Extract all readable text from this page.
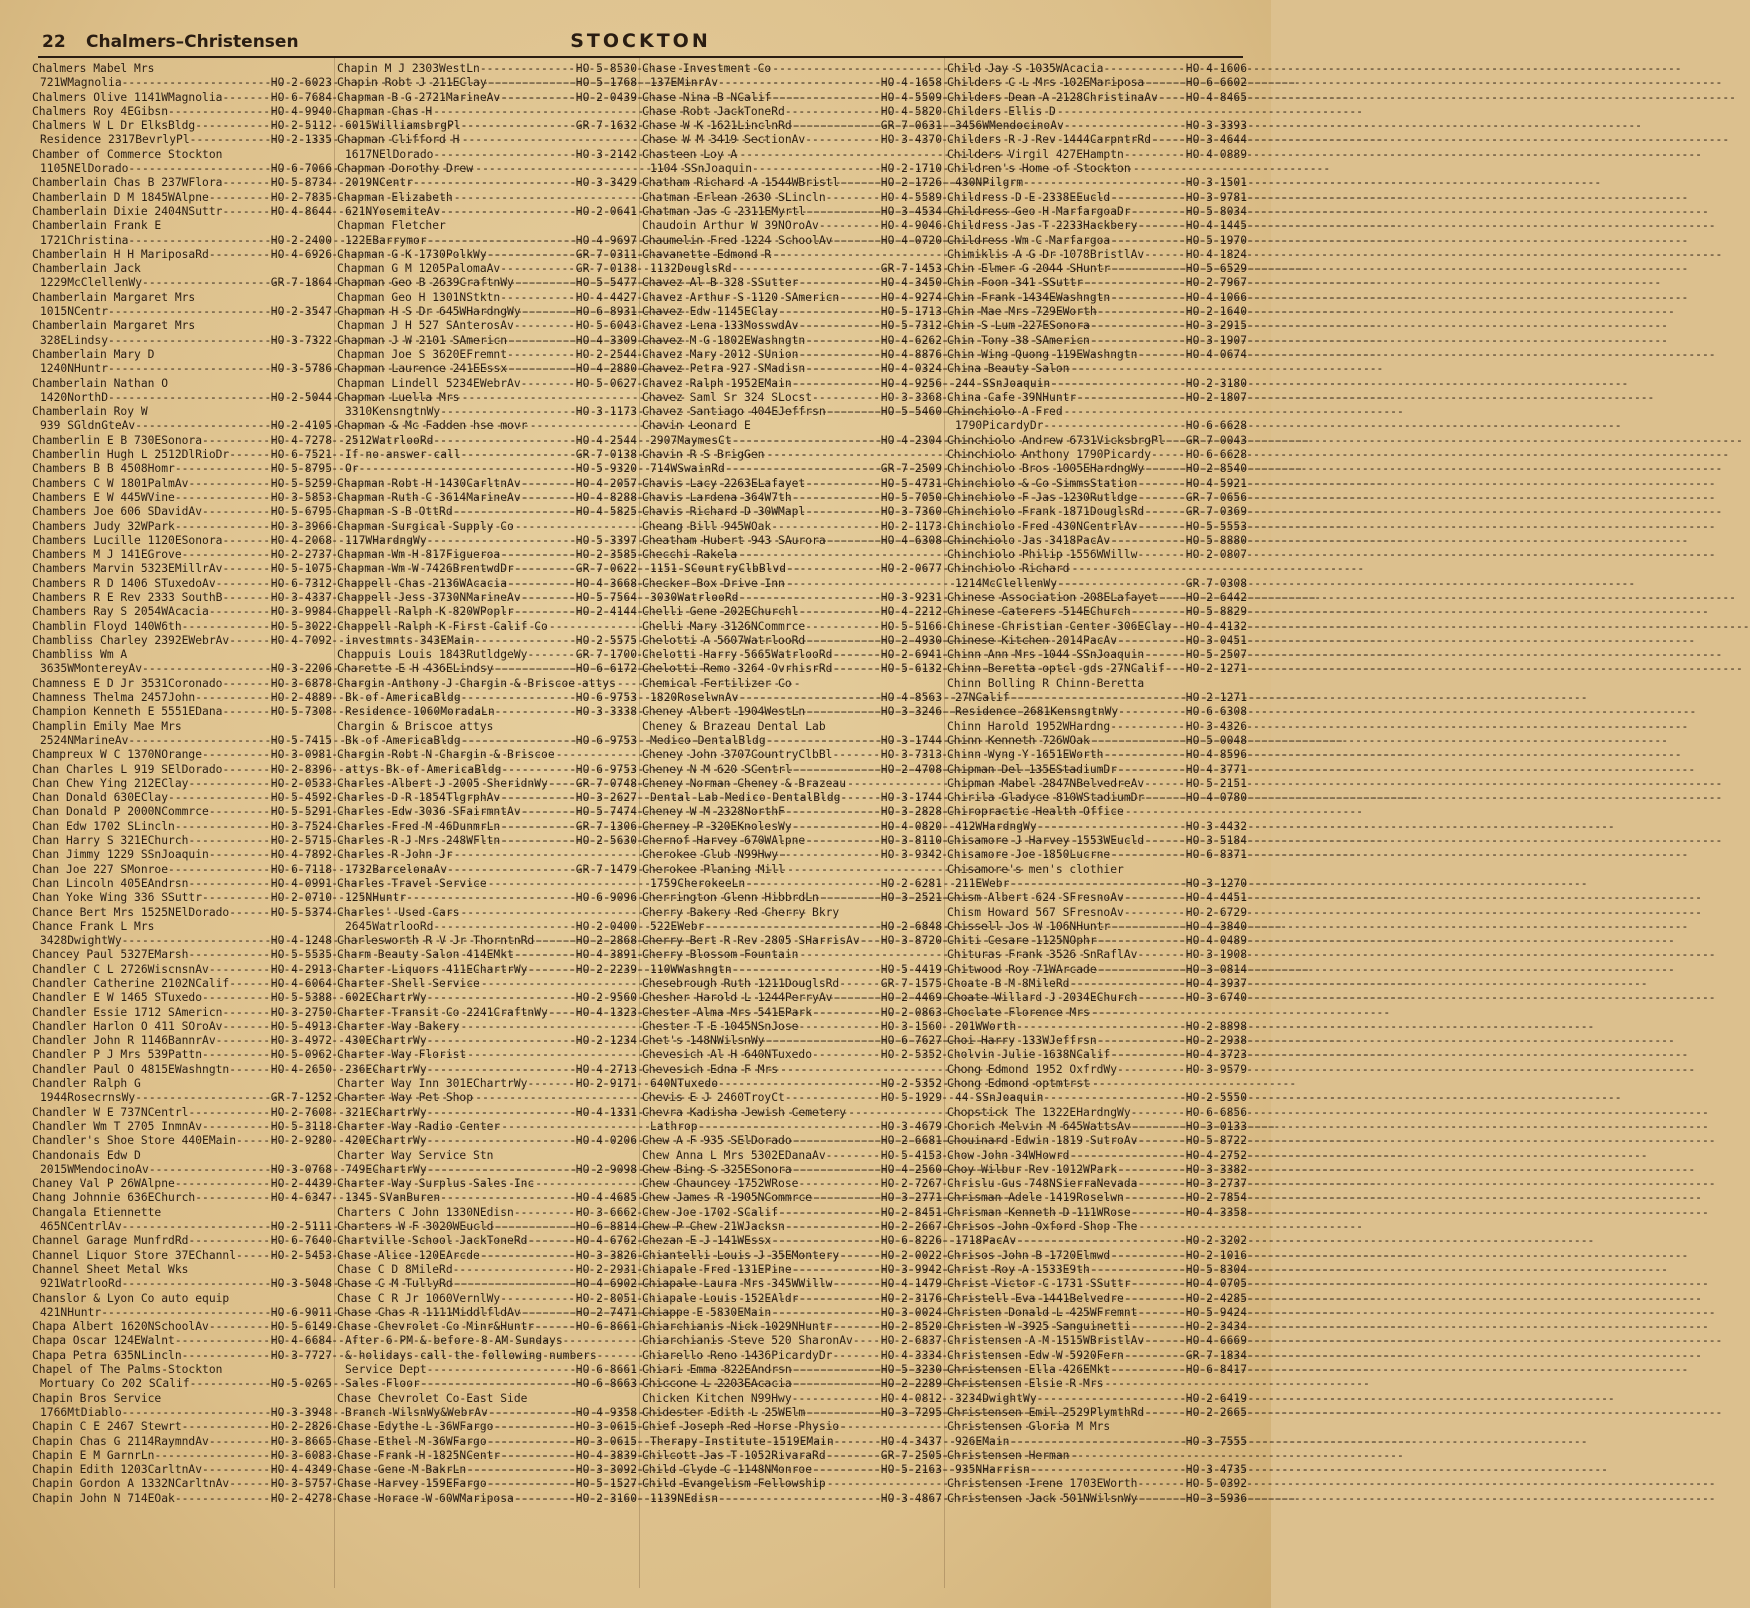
22 Chalmers–Christensen	STOCKTON
Chalmers Mabel Mrs
721WMagnolia -----	HO 2-6023
Chalmers Olive 1141WMagnolia -----	HO 6-7684
Chalmers Roy 4EGibsn -----	HO 4-9940
Chalmers W L Dr ElksBldg -----	HO 2-5112
Residence 2317BevrlyPl -----	HO 2-1335
Chamber of Commerce Stockton
1105NElDorado -----	HO 6-7066
Chamberlain Chas B 237WFlora -----	HO 5-8734
Chamberlain D M 1845WAlpne -----	HO 2-7835
Chamberlain Dixie 2404NSuttr -----	HO 4-8644
Chamberlain Frank E
1721Christina -----	HO 2-2400
Chamberlain H H MariposaRd -----	HO 4-6926
Chamberlain Jack
1229McClellenWy -----	GR 7-1864
Chamberlain Margaret Mrs
1015NCentr -----	HO 2-3547
Chamberlain Margaret Mrs
328ELindsy -----	HO 3-7322
Chamberlain Mary D
1240NHuntr -----	HO 3-5786
Chamberlain Nathan O
1420NorthD -----	HO 2-5044
Chamberlain Roy W
939 SGldnGteAv -----	HO 2-4105
Chamberlin E B 730ESonora -----	HO 4-7278
Chamberlin Hugh L 2512DlRioDr -----	HO 6-7521
Chambers B B 4508Homr -----	HO 5-8795
Chambers C W 1801PalmAv -----	HO 5-5259
Chambers E W 445WVine -----	HO 3-5853
Chambers Joe 606 SDavidAv -----	HO 5-6795
Chambers Judy 32WPark -----	HO 3-3966
Chambers Lucille 1120ESonora -----	HO 4-2068
Chambers M J 141EGrove -----	HO 2-2737
Chambers Marvin 5323EMillrAv -----	HO 5-1075
Chambers R D 1406 STuxedoAv -----	HO 6-7312
Chambers R E Rev 2333 SouthB -----	HO 3-4337
Chambers Ray S 2054WAcacia -----	HO 3-9984
Chamblin Floyd 140W6th -----	HO 5-3022
Chambliss Charley 2392EWebrAv -----	HO 4-7092
Chambliss Wm A
3635WMontereyAv -----	HO 3-2206
Chamness E D Jr 3531Coronado -----	HO 3-6878
Chamness Thelma 2457John -----	HO 2-4889
Champion Kenneth E 5551EDana -----	HO 5-7308
Champlin Emily Mae Mrs
2524NMarineAv -----	HO 5-7415
Champreux W C 1370NOrange -----	HO 3-0981
Chan Charles L 919 SElDorado -----	HO 2-8396
Chan Chew Ying 212EClay -----	HO 2-0533
Chan Donald 630EClay -----	HO 5-4592
Chan Donald P 2000NCommrce -----	HO 5-5291
Chan Edw 1702 SLincln -----	HO 3-7524
Chan Harry S 321EChurch -----	HO 2-5715
Chan Jimmy 1229 SSnJoaquin -----	HO 4-7892
Chan Joe 227 SMonroe -----	HO 6-7118
Chan Lincoln 405EAndrsn -----	HO 4-0991
Chan Yoke Wing 336 SSuttr -----	HO 2-0710
Chance Bert Mrs 1525NElDorado -----	HO 5-5374
Chance Frank L Mrs
3428DwightWy -----	HO 4-1248
Chancey Paul 5327EMarsh -----	HO 5-5535
Chandler C L 2726WiscnsnAv -----	HO 4-2913
Chandler Catherine 2102NCalif -----	HO 4-6064
Chandler E W 1465 STuxedo -----	HO 5-5388
Chandler Essie 1712 SAmericn -----	HO 3-2750
Chandler Harlon O 411 SOroAv -----	HO 5-4913
Chandler John R 1146BannrAv -----	HO 3-4972
Chandler P J Mrs 539Pattn -----	HO 5-0962
Chandler Paul O 4815EWashngtn -----	HO 4-2650
Chandler Ralph G
1944RosecrnsWy -----	GR 7-1252
Chandler W E 737NCentrl -----	HO 2-7608
Chandler Wm T 2705 InmnAv -----	HO 5-3118
Chandler's Shoe Store 440EMain -----	HO 2-9280
Chandonais Edw D
2015WMendocinoAv -----	HO 3-0768
Chaney Val P 26WAlpne -----	HO 2-4439
Chang Johnnie 636EChurch -----	HO 4-6347
Changala Etiennette
465NCentrlAv -----	HO 2-5111
Channel Garage MunfrdRd -----	HO 6-7640
Channel Liquor Store 37EChannl -----	HO 2-5453
Channel Sheet Metal Wks
921WatrlooRd -----	HO 3-5048
Chanslor & Lyon Co auto equip
421NHuntr -----	HO 6-9011
Chapa Albert 1620NSchoolAv -----	HO 5-6149
Chapa Oscar 124EWalnt -----	HO 4-6684
Chapa Petra 635NLincln -----	HO 3-7727
Chapel of The Palms-Stockton
Mortuary Co 202 SCalif -----	HO 5-0265
Chapin Bros Service
1766MtDiablo -----	HO 3-3948
Chapin C E 2467 Stewrt -----	HO 2-2826
Chapin Chas G 2114RaymndAv -----	HO 3-8665
Chapin E M GarnrLn -----	HO 3-6083
Chapin Edith 1203CarltnAv -----	HO 4-4349
Chapin Gordon A 1332NCarltnAv -----	HO 3-5757
Chapin John N 714EOak -----	HO 2-4278
Chapin M J 2303WestLn -----	HO 5-8530
Chapin Robt J 211EClay -----	HO 5-1768
Chapman B G 2721MarineAv -----	HO 2-0439
Chapman Chas H
6015WilliamsbrgPl -----	GR 7-1632
Chapman Clifford H
1617NElDorado -----	HO 3-2142
Chapman Dorothy Drew
2019NCentr -----	HO 3-3429
Chapman Elizabeth
621NYosemiteAv -----	HO 2-0641
Chapman Fletcher
122EBarrymor -----	HO 4-9697
Chapman G K 1730PolkWy -----	GR 7-0311
Chapman G M 1205PalomaAv -----	GR 7-0138
Chapman Geo B 2639CraftnWy -----	HO 5-5477
Chapman Geo H 1301NStktn -----	HO 4-4427
Chapman H S Dr 645WHardngWy -----	HO 6-8931
Chapman J H 527 SAnterosAv -----	HO 5-6043
Chapman J W 2101 SAmericn -----	HO 4-3309
Chapman Joe S 3620EFremnt -----	HO 2-2544
Chapman Laurence 241EEssx -----	HO 4-2880
Chapman Lindell 5234EWebrAv -----	HO 5-0627
Chapman Luella Mrs
3310KensngtnWy -----	HO 3-1173
Chapman & Mc Fadden hse movr
2512WatrlooRd -----	HO 4-2544
If no answer call -----	GR 7-0138
Or -----	HO 5-9320
Chapman Robt H 1430CarltnAv -----	HO 4-2057
Chapman Ruth C 3614MarineAv -----	HO 4-8288
Chapman S B OttRd -----	HO 4-5825
Chapman Surgical Supply Co
117WHardngWy -----	HO 5-3397
Chapman Wm H 817Figueroa -----	HO 2-3585
Chapman Wm W 7426BrentwdDr -----	GR 7-0622
Chappell Chas 2136WAcacia -----	HO 4-3668
Chappell Jess 3730NMarineAv -----	HO 5-7564
Chappell Ralph K 820WPoplr -----	HO 2-4144
Chappell Ralph K First Calif Co
investmnts 343EMain -----	HO 2-5575
Chappuis Louis 1843RutldgeWy -----	GR 7-1700
Charette E H 436ELindsy -----	HO 6-6172
Chargin Anthony J Chargin & Briscoe attys
Bk of AmericaBldg -----	HO 6-9753
Residence 1060MoradaLn -----	HO 3-3338
Chargin & Briscoe attys
Bk of AmericaBldg -----	HO 6-9753
Chargin Robt N Chargin & Briscoe
attys Bk of AmericaBldg -----	HO 6-9753
Charles Albert J 2005 SheridnWy ----- GR 7-0748
Charles D R 1854TlgrphAv -----	HO 3-2627
Charles Edw 3036 SFairmntAv -----	HO 5-7474
Charles Fred M 46DunmrLn -----	GR 7-1306
Charles R J Mrs 248WFltn -----	HO 2-5630
Charles R John Jr
1732BarcelonaAv -----	GR 7-1479
Charles Travel Service
125NHuntr -----	HO 6-9096
Charles' Used Cars
2645WatrlooRd -----	HO 2-0400
Charlesworth R V Jr ThorntnRd -----	HO 2-2868
Charm Beauty Salon 414EMkt -----	HO 4-3891
Charter Liquors 411EChartrWy -----	HO 2-2239
Charter Shell Service
602EChartrWy -----	HO 2-9560
Charter Transit Co 2241CraftnWy ----- HO 4-1323
Charter Way Bakery
430EChartrWy -----	HO 2-1234
Charter Way Florist
236EChartrWy -----	HO 4-2713
Charter Way Inn 301EChartrWy -----	HO 2-9171
Charter Way Pet Shop
321EChartrWy -----	HO 4-1331
Charter Way Radio Center
420EChartrWy -----	HO 4-0206
Charter Way Service Stn
749EChartrWy -----	HO 2-9098
Charter Way Surplus Sales Inc
1345 SVanBuren -----	HO 4-4685
Charters C John 1330NEdisn -----	HO 3-6662
Charters W F 3020WEucld -----	HO 6-8814
Chartville School JackToneRd -----	HO 4-6762
Chase Alice 120EArcde -----	HO 3-3826
Chase C D 8MileRd -----	HO 2-2931
Chase C M TullyRd -----	HO 4-6902
Chase C R Jr 1060VernlWy -----	HO 2-8051
Chase Chas R 1111MiddlfldAv -----	HO 2-7471
Chase Chevrolet Co Minr&Huntr -----	HO 6-8661
After 6 PM & before 8 AM Sundays
& holidays call the following numbers
Service Dept -----	HO 6-8661
Sales Floor -----	HO 6-8663
Chase Chevrolet Co-East Side
Branch WilsnWy&WebrAv -----	HO 4-9358
Chase Edythe L 36WFargo -----	HO 3-0615
Chase Ethel M 36WFargo -----	HO 3-0615
Chase Frank H 1825NCentr -----	HO 4-3839
Chase Gene M BakrLn -----	HO 3-3092
Chase Harvey 159EFargo -----	HO 5-1527
Chase Horace W 60WMariposa -----	HO 2-3160
Chase Investment Co
137EMinrAv -----	HO 4-1658
Chase Nina B NCalif -----	HO 4-5509
Chase Robt JackToneRd -----	HO 4-5820
Chase W K 1621LinclnRd -----	GR 7-0631
Chase W M 3419 SectionAv -----	HO 3-4370
Chasteen Loy A
1104 SSnJoaquin -----	HO 2-1710
Chatham Richard A 1544WBristl -----	HO 2-1726
Chatman Erlean 2630 SLincln -----	HO 4-5589
Chatman Jas C 2311EMyrtl -----	HO 3-4534
Chaudoin Arthur W 39NOroAv -----	HO 4-9046
Chaumelin Fred 1224 SchoolAv -----	HO 4-0720
Chavanette Edmond R
1132DouglsRd -----	GR 7-1453
Chavez Al B 328 SSutter -----	HO 4-3450
Chavez Arthur S 1120 SAmericn -----	HO 4-9274
Chavez Edw 1145EClay -----	HO 5-1713
Chavez Lena 133MosswdAv -----	HO 5-7312
Chavez M G 1802EWashngtn -----	HO 4-6262
Chavez Mary 2012 SUnion -----	HO 4-8876
Chavez Petra 927 SMadisn -----	HO 4-0324
Chavez Ralph 1952EMain -----	HO 4-9256
Chavez Saml Sr 324 SLocst -----	HO 3-3368
Chavez Santiago 404EJeffrsn -----	HO 5-5460
Chavin Leonard E
2907MaymesCt -----	HO 4-2304
Chavin R S BrigGen
714WSwainRd -----	GR 7-2509
Chavis Lacy 2263ELafayet -----	HO 5-4731
Chavis Lardena 364W7th -----	HO 5-7050
Chavis Richard D 30WMapl -----	HO 3-7360
Cheang Bill 945WOak -----	HO 2-1173
Cheatham Hubert 943 SAurora -----	HO 4-6308
Checchi Rakela
1151 SCountryClbBlvd -----	HO 2-0677
Checker-Box Drive Inn
3030WatrlooRd -----	HO 3-9231
Chelli Gene 202EChurchl -----	HO 4-2212
Chelli Mary 3126NCommrce -----	HO 5-5166
Chelotti A 5607WatrlooRd -----	HO 2-4930
Chelotti Harry 5665WatrlooRd -----	HO 2-6941
Chelotti Remo 3264 OvrhisrRd -----	HO 5-6132
Chemical Fertilizer Co
1820RoselwnAv -----	HO 4-8563
Cheney Albert 1904WestLn -----	HO 3-3246
Cheney & Brazeau Dental Lab
Medico-DentalBldg -----	HO 3-1744
Cheney John 3707CountryClbBl -----	HO 3-7313
Cheney N M 620 SCentrl -----	HO 2-4708
Cheney Norman Cheney & Brazeau
Dental Lab Medico-DentalBldg -----	HO 3-1744
Cheney W M 2328NorthF -----	HO 3-2828
Cherney P 320EKnolesWy -----	HO 4-0820
Chernof Harvey 670WAlpne -----	HO 3-8110
Cherokee Club N99Hwy -----	HO 3-9342
Cherokee Planing Mill
1759CherokeeLn -----	HO 2-6281
Cherrington Glenn HibbrdLn -----	HO 3-2521
Cherry Bakery Red Cherry Bkry
522EWebr -----	HO 2-6848
Cherry Bert R Rev 2805 SHarrisAv ----- HO 3-8720
Cherry Blossom Fountain
110WWashngtn -----	HO 5-4419
Chesebrough Ruth 1211DouglsRd -----	GR 7-1575
Chesher Harold L 1244PerryAv -----	HO 2-4469
Chester Alma Mrs 541EPark -----	HO 2-0863
Chester T E 1045NSnJose -----	HO 3-1560
Chet's 148NWilsnWy -----	HO 6-7627
Chevesich Al H 640NTuxedo -----	HO 2-5352
Chevesich Edna F Mrs
640NTuxedo -----	HO 2-5352
Chevis E J 2460TroyCt -----	HO 5-1929
Chevra Kadisha Jewish Cemetery
Lathrop -----	HO 3-4679
Chew A F 935 SElDorado -----	HO 2-6681
Chew Anna L Mrs 5302EDanaAv -----	HO 5-4153
Chew Bing S 325ESonora -----	HO 4-2560
Chew Chauncey 1752WRose -----	HO 2-7267
Chew James R 1905NCommrce -----	HO 3-2771
Chew Joe 1702 SCalif -----	HO 2-8451
Chew P Chew 21WJacksn -----	HO 2-2667
Chezan E J 141WEssx -----	HO 6-8226
Chiantelli Louis J 35EMontery -----	HO 2-0022
Chiapale Fred 131EPine -----	HO 3-9942
Chiapale Laura Mrs 345WWillw -----	HO 4-1479
Chiapale Louis 152EAldr -----	HO 2-3176
Chiappe E 5830EMain -----	HO 3-0024
Chiarchianis Nick 1029NHuntr -----	HO 2-8520
Chiarchianis Steve 520 SharonAv ----- HO 2-6837
Chiarello Reno 1436PicardyDr -----	HO 4-3334
Chiari Emma 822EAndrsn -----	HO 5-3230
Chiccone L 2203EAcacia -----	HO 2-2289
Chicken Kitchen N99Hwy -----	HO 4-0812
Chidester Edith L 25WElm -----	HO 3-7295
Chief Joseph Red Horse Physio-
Therapy Institute 1519EMain -----	HO 4-3437
Chilcott Jas T 1052RivaraRd -----	GR 7-2505
Child Clyde C 1148NMonroe -----	HO 5-2163
Child Evangelism Fellowship
1139NEdisn -----	HO 3-4867
Child Jay S 1035WAcacia -----	HO 4-1606
Childers C L Mrs 102EMariposa -----	HO 6-6602
Childers Dean A 2128ChristinaAv ----- HO 4-8465
Childers Ellis D
3456WMendocinoAv -----	HO 3-3393
Childers R J Rev 1444CarpntrRd -----	HO 3-4644
Childers Virgil 427EHamptn -----	HO 4-0889
Children's Home of Stockton
430NPilgrm -----	HO 3-1501
Childress D E 2338EEucld -----	HO 3-9781
Childress Geo H MarfargoaDr -----	HO 5-8034
Childress Jas T 2233Hackbery -----	HO 4-1445
Childress Wm C Marfargoa -----	HO 5-1970
Chimiklis A G Dr 1078BristlAv -----	HO 4-1824
Chin Elmer G 2044 SHuntr -----	HO 5-6529
Chin Foon 341 SSuttr -----	HO 2-7967
Chin Frank 1434EWashngtn -----	HO 4-1066
Chin Mae Mrs 729EWorth -----	HO 2-1640
Chin S Lum 227ESonora -----	HO 3-2915
Chin Tony 38 SAmericn -----	HO 3-1907
Chin Wing Quong 119EWashngtn -----	HO 4-0674
China Beauty Salon
244 SSnJoaquin -----	HO 2-3180
China Cafe 39NHuntr -----	HO 2-1807
Chinchiolo A Fred
1790PicardyDr -----	HO 6-6628
Chinchiolo Andrew 6731VicksbrgPl ----- GR 7-0043
Chinchiolo Anthony 1790Picardy -----	HO 6-6628
Chinchiolo Bros 1005EHardngWy -----	HO 2-8540
Chinchiolo & Co SimmsStation -----	HO 4-5921
Chinchiolo F Jas 1230Rutldge -----	GR 7-0656
Chinchiolo Frank 1871DouglsRd -----	GR 7-0369
Chinchiolo Fred 430NCentrlAv -----	HO 5-5553
Chinchiolo Jas 3418PacAv -----	HO 5-8880
Chinchiolo Philip 1556WWillw -----	HO 2-0807
Chinchiolo Richard
1214McClellenWy -----	GR 7-0308
Chinese Association 208ELafayet ----- HO 2-6442
Chinese Caterers 514EChurch -----	HO 5-8829
Chinese Christian Center 306EClay ----- HO 4-4132
Chinese Kitchen 2014PacAv -----	HO 3-0451
Chinn Ann Mrs 1044 SSnJoaquin -----	HO 5-2507
Chinn-Beretta optcl gds 27NCalif ----- HO 2-1271
Chinn Bolling R Chinn-Beretta
27NCalif -----	HO 2-1271
Residence 2681KensngtnWy -----	HO 6-6308
Chinn Harold 1952WHardng -----	HO 3-4326
Chinn Kenneth 726WOak -----	HO 5-0048
Chinn Wyng Y 1651EWorth -----	HO 4-8596
Chipman Del 135EStadiumDr -----	HO 4-3771
Chipman Mabel 2847NBelvedreAv -----	HO 5-2151
Chirila Gladyce 810WStadiumDr -----	HO 4-0780
Chiropractic Health Office
412WHardngWy -----	HO 3-4432
Chisamore J Harvey 1553WEucld -----	HO 3-5184
Chisamore Joe 1850Lucrne -----	HO 6-8371
Chisamore's men's clothier
211EWebr -----	HO 3-1270
Chism Albert 624 SFresnoAv -----	HO 4-4451
Chism Howard 567 SFresnoAv -----	HO 2-6729
Chissell Jos W 106NHuntr -----	HO 4-3840
Chiti Cesare 1125NOphr -----	HO 4-0489
Chituras Frank 3526 SnRaflAv -----	HO 3-1908
Chitwood Roy 71WArcade -----	HO 3-0814
Choate B M 8MileRd -----	HO 4-3937
Choate Willard J 2034EChurch -----	HO 3-6740
Choclate Florence Mrs
201WWorth -----	HO 2-8898
Choi Harry 133WJeffrsn -----	HO 2-2938
Cholvin Julie 1638NCalif -----	HO 4-3723
Chong Edmond 1952 OxfrdWy -----	HO 3-9579
Chong Edmond optmtrst
44 SSnJoaquin -----	HO 2-5550
Chopstick The 1322EHardngWy -----	HO 6-6856
Chorich Melvin M 645WattsAv -----	HO 3-0133
Chouinard Edwin 1819 SutroAv -----	HO 5-8722
Chow John 34WHowrd -----	HO 4-2752
Choy Wilbur Rev 1012WPark -----	HO 3-3382
Chrislu Gus 748NSierraNevada -----	HO 3-2737
Chrisman Adele 1419Roselwn -----	HO 2-7854
Chrisman Kenneth D 111WRose -----	HO 4-3358
Chrisos John Oxford Shop The
1718PacAv -----	HO 2-3202
Chrisos John B 1720Elmwd -----	HO 2-1016
Christ Roy A 1533E9th -----	HO 5-8304
Christ Victor C 1731 SSuttr -----	HO 4-0705
Christell Eva 1441Belvedre -----	HO 2-4285
Christen Donald L 425WFremnt -----	HO 5-9424
Christen W 3925 Sanguinetti -----	HO 2-3434
Christensen A M 1515WBristlAv -----	HO 4-6669
Christensen Edw W 5920Fern -----	GR 7-1834
Christensen Ella 426EMkt -----	HO 6-8417
Christensen Elsie R Mrs
3234DwightWy -----	HO 2-6419
Christensen Emil 2529PlymthRd -----	HO 2-2665
Christensen Gloria M Mrs
926EMain -----	HO 3-7555
Christensen Herman
935NHarrisn -----	HO 3-4735
Christensen Irene 1703EWorth -----	HO 5-0392
Christensen Jack 501NWilsnWy -----	HO 3-5936
